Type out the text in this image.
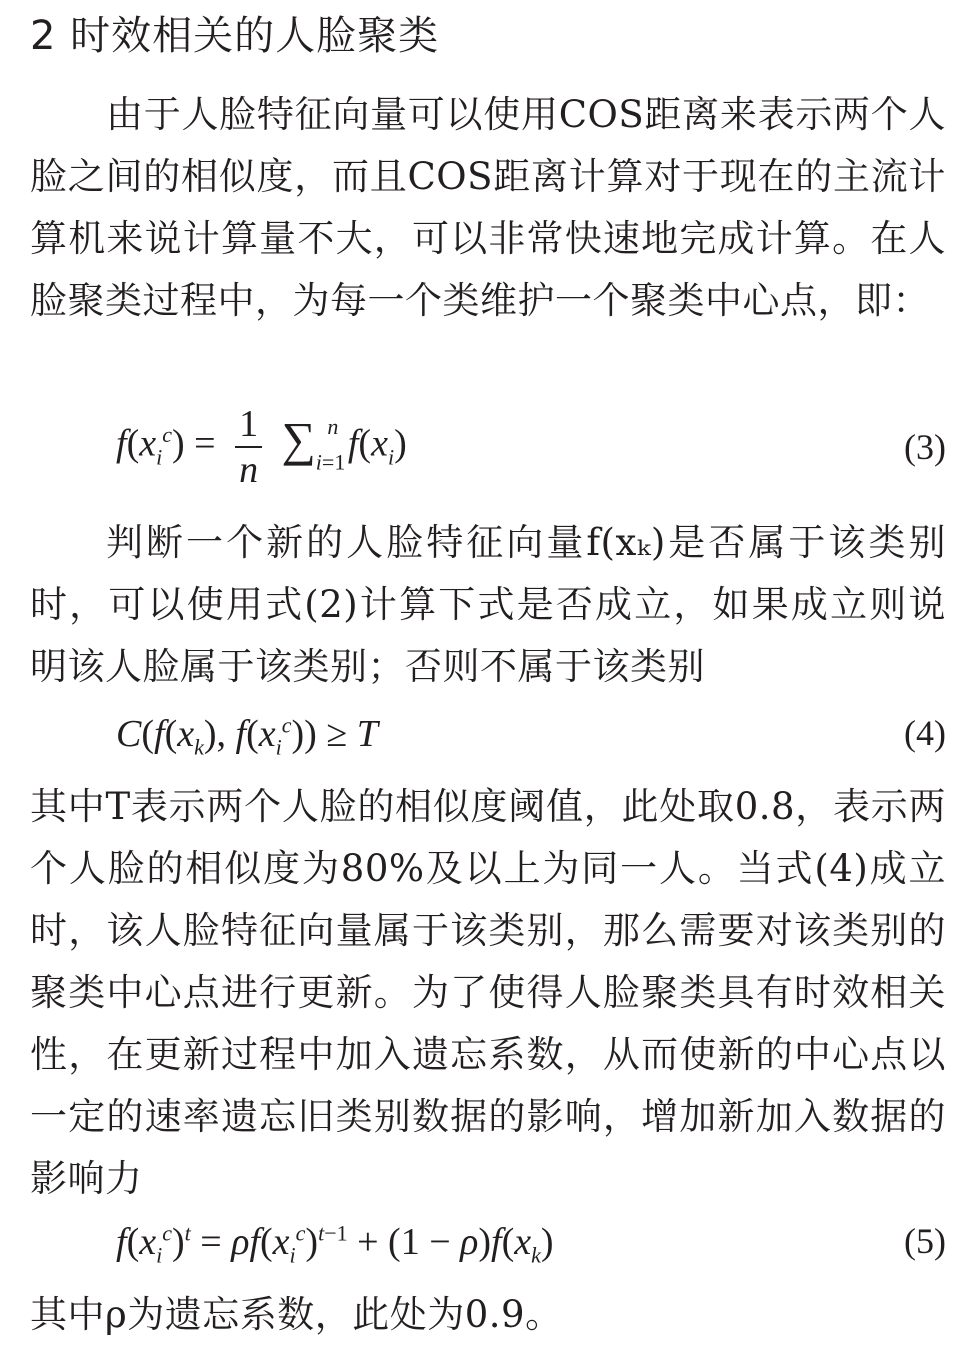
2 时效相关的人脸聚类

由于人脸特征向量可以使用COS距离来表示两个人脸之间的相似度，而且COS距离计算对于现在的主流计算机来说计算量不大，可以非常快速地完成计算。在人脸聚类过程中，为每一个类维护一个聚类中心点，即：

$f(x_i^c) = \frac{1}{n} \sum_{i=1}^n$ $f(x_i)$	(3)

判断一个新的人脸特征向量f(xₖ)是否属于该类别时，可以使用式(2)计算下式是否成立，如果成立则说明该人脸属于该类别；否则不属于该类别

$C(f(x_k)$, $f(x_i^c)) \ge T$	(4)

其中T表示两个人脸的相似度阈值，此处取0.8，表示两个人脸的相似度为80%及以上为同一人。当式(4)成立时，该人脸特征向量属于该类别，那么需要对该类别的聚类中心点进行更新。为了使得人脸聚类具有时效相关性，在更新过程中加入遗忘系数，从而使新的中心点以一定的速率遗忘旧类别数据的影响，增加新加入数据的影响力

$f(x_i^c)^t = \rho f(x_i^c)^{t-1} + (1 - \rho)f(x_k)$	(5)

其中ρ为遗忘系数，此处为0.9。
